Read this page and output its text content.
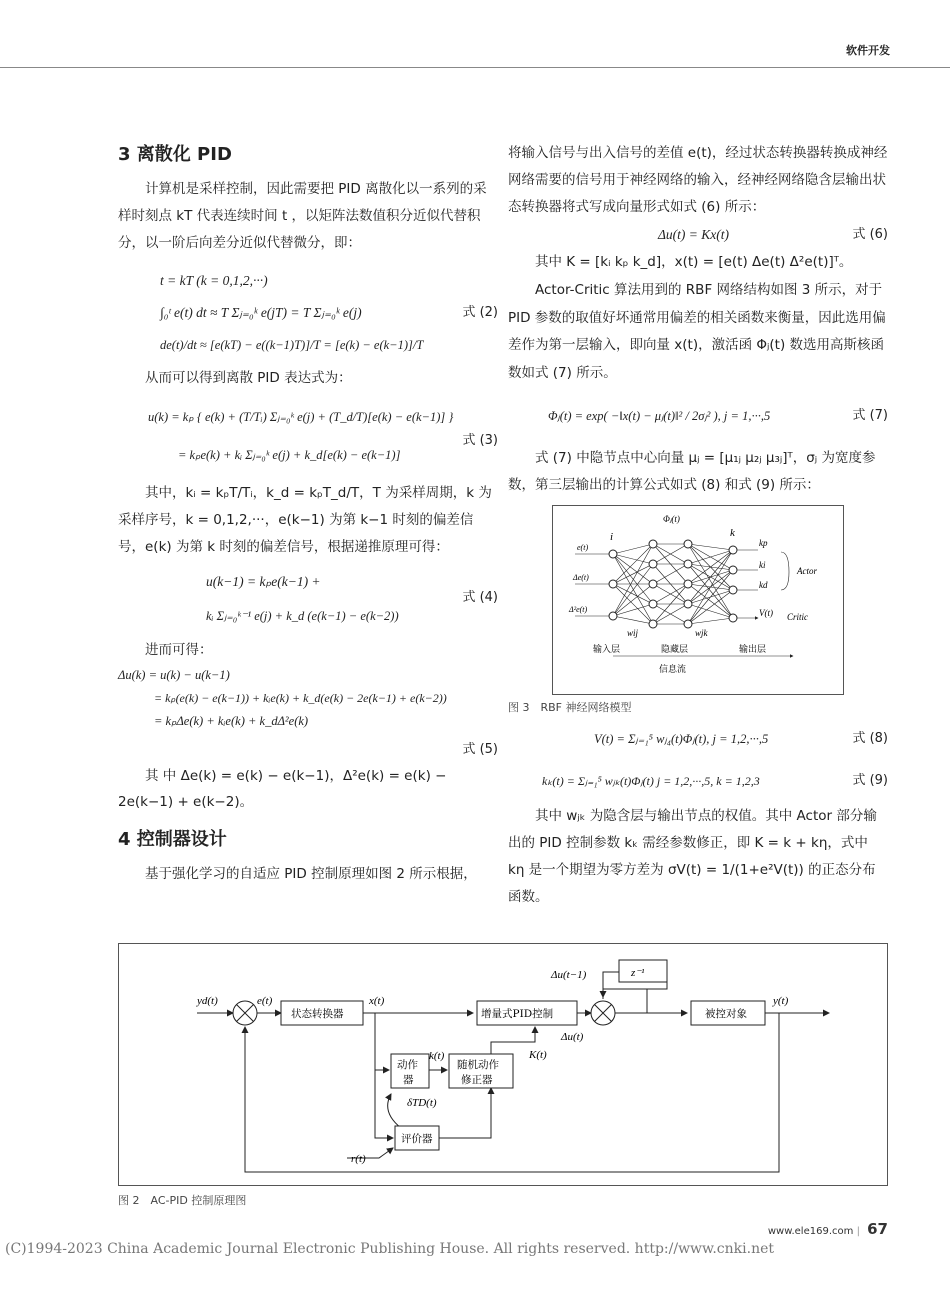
软件开发
3 离散化 PID

计算机是采样控制，因此需要把 PID 离散化以一系列的采样时刻点 kT 代表连续时间 t ，以矩阵法数值积分近似代替积分，以一阶后向差分近似代替微分，即：

t = kT (k = 0,1,2,···)
∫₀ᵗ e(t) dt ≈ T Σⱼ₌₀ᵏ e(jT) = T Σⱼ₌₀ᵏ e(j)
de(t)/dt ≈ [e(kT) − e((k−1)T)]/T = [e(k) − e(k−1)]/T
式 (2)

从而可以得到离散 PID 表达式为：

u(k) = kₚ { e(k) + (T/Tᵢ) Σⱼ₌₀ᵏ e(j) + (T_d/T)[e(k) − e(k−1)] }
= kₚe(k) + kᵢ Σⱼ₌₀ᵏ e(j) + k_d[e(k) − e(k−1)]
式 (3)

其中，kᵢ = kₚT/Tᵢ，k_d = kₚT_d/T，T 为采样周期，k 为采样序号，k = 0,1,2,···，e(k−1) 为第 k−1 时刻的偏差信号，e(k) 为第 k 时刻的偏差信号，根据递推原理可得：

u(k−1) = kₚe(k−1) +
kᵢ Σⱼ₌₀ᵏ⁻¹ e(j) + k_d (e(k−1) − e(k−2))
式 (4)

进而可得：

Δu(k) = u(k) − u(k−1)
= kₚ(e(k) − e(k−1)) + kᵢe(k) + k_d(e(k) − 2e(k−1) + e(k−2))
= kₚΔe(k) + kᵢe(k) + k_dΔ²e(k)
式 (5)

其 中 Δe(k) = e(k) − e(k−1)，Δ²e(k) = e(k) − 2e(k−1) + e(k−2)。

4 控制器设计

基于强化学习的自适应 PID 控制原理如图 2 所示根据，

将输入信号与出入信号的差值 e(t)，经过状态转换器转换成神经网络需要的信号用于神经网络的输入，经神经网络隐含层输出状态转换器将式写成向量形式如式 (6) 所示：

Δu(t) = Kx(t)	式 (6)

其中 K = [kᵢ kₚ k_d]，x(t) = [e(t) Δe(t) Δ²e(t)]ᵀ。

Actor-Critic 算法用到的 RBF 网络结构如图 3 所示，对于 PID 参数的取值好坏通常用偏差的相关函数来衡量，因此选用偏差作为第一层输入，即向量 x(t)，激活函 Φⱼ(t) 数选用高斯核函数如式 (7) 所示。

Φⱼ(t) = exp( −‖x(t) − μⱼ(t)‖² / 2σⱼ² ), j = 1,···,5	式 (7)

式 (7) 中隐节点中心向量 μⱼ = [μ₁ⱼ μ₂ⱼ μ₃ⱼ]ᵀ，σⱼ 为宽度参数，第三层输出的计算公式如式 (8) 和式 (9) 所示：

Φⱼ(t)
e(t)
Δe(t)
Δ²e(t)
i	k
kp
ki
kd
V(t)
Actor
Critic
wij	wjk
输入层	隐藏层	输出层
信息流
图 3　RBF 神经网络模型
V(t) = Σⱼ₌₁⁵ wⱼ₄(t)Φⱼ(t), j = 1,2,···,5	式 (8)
kₖ(t) = Σⱼ₌₁⁵ wⱼₖ(t)Φⱼ(t) j = 1,2,···,5, k = 1,2,3	式 (9)

其中 wⱼₖ 为隐含层与输出节点的权值。其中 Actor 部分输出的 PID 控制参数 kₖ 需经参数修正，即 K = k + kη，式中 kη 是一个期望为零方差为 σV(t) = 1/(1+e²V(t)) 的正态分布函数。

yd(t)	e(t)	x(t)	y(t)
状态转换器	增量式PID控制	被控对象
z⁻¹
Δu(t−1)
Δu(t)
动作
器
k(t)
随机动作
修正器
K(t)
δTD(t)
评价器
r(t)
图 2　AC-PID 控制原理图
www.ele169.com | 67
(C)1994-2023 China Academic Journal Electronic Publishing House. All rights reserved. http://www.cnki.net
